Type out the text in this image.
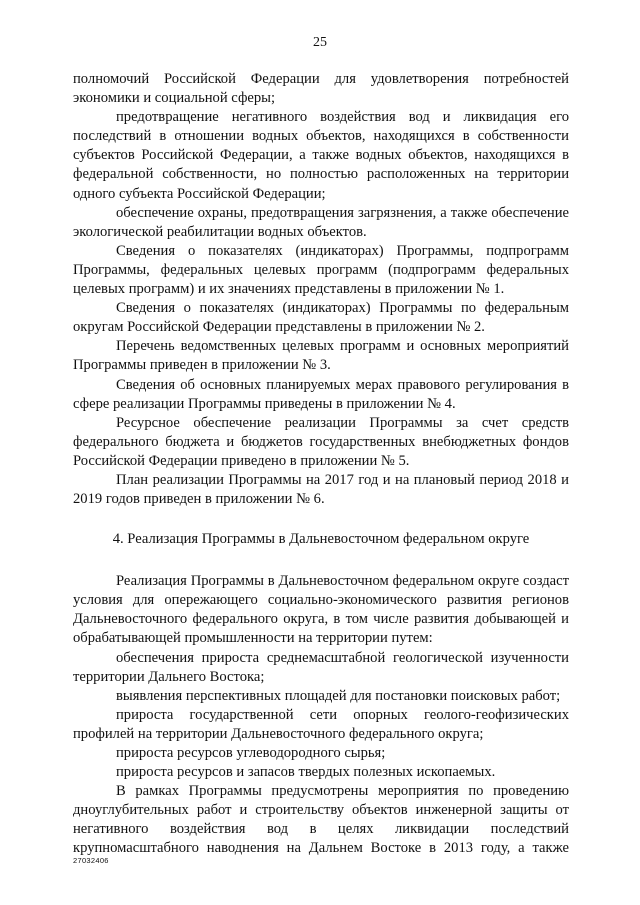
25

полномочий Российской Федерации для удовлетворения потребностей экономики и социальной сферы;

предотвращение негативного воздействия вод и ликвидация его последствий в отношении водных объектов, находящихся в собственности субъектов Российской Федерации, а также водных объектов, находящихся в федеральной собственности, но полностью расположенных на территории одного субъекта Российской Федерации;

обеспечение охраны, предотвращения загрязнения, а также обеспечение экологической реабилитации водных объектов.

Сведения о показателях (индикаторах) Программы, подпрограмм Программы, федеральных целевых программ (подпрограмм федеральных целевых программ) и их значениях представлены в приложении № 1.

Сведения о показателях (индикаторах) Программы по федеральным округам Российской Федерации представлены в приложении № 2.

Перечень ведомственных целевых программ и основных мероприятий Программы приведен в приложении № 3.

Сведения об основных планируемых мерах правового регулирования в сфере реализации Программы приведены в приложении № 4.

Ресурсное обеспечение реализации Программы за счет средств федерального бюджета и бюджетов государственных внебюджетных фондов Российской Федерации приведено в приложении № 5.

План реализации Программы на 2017 год и на плановый период 2018 и 2019 годов приведен в приложении № 6.

4. Реализация Программы в Дальневосточном федеральном округе

Реализация Программы в Дальневосточном федеральном округе создаст условия для опережающего социально-экономического развития регионов Дальневосточного федерального округа, в том числе развития добывающей и обрабатывающей промышленности на территории путем:

обеспечения прироста среднемасштабной геологической изученности территории Дальнего Востока;

выявления перспективных площадей для постановки поисковых работ;

прироста государственной сети опорных геолого-геофизических профилей на территории Дальневосточного федерального округа;

прироста ресурсов углеводородного сырья;

прироста ресурсов и запасов твердых полезных ископаемых.

В рамках Программы предусмотрены мероприятия по проведению дноуглубительных работ и строительству объектов инженерной защиты от негативного воздействия вод в целях ликвидации последствий крупномасштабного наводнения на Дальнем Востоке в 2013 году, а также

27032406
